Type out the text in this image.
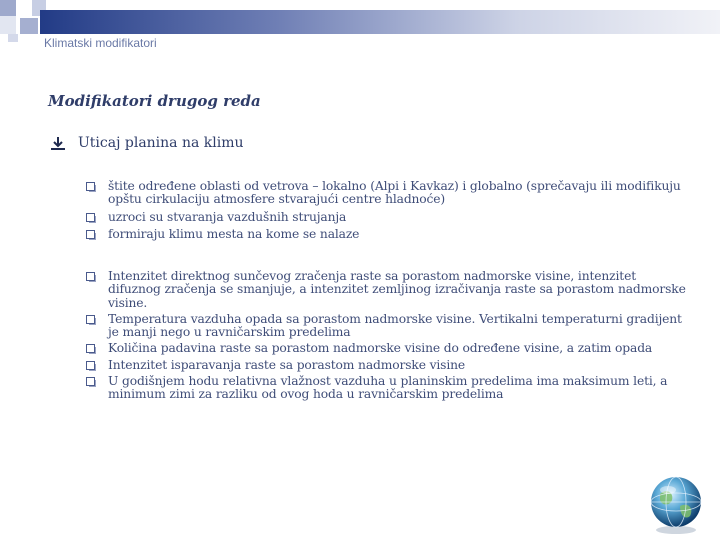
Klimatski modifikatori
Modifikatori drugog reda
Uticaj planina na klimu
štite određene oblasti od vetrova – lokalno (Alpi i Kavkaz) i globalno (sprečavaju ili modifikuju opštu cirkulaciju atmosfere stvarajući centre hladnoće)
uzroci su stvaranja vazdušnih strujanja
formiraju klimu mesta na kome se nalaze
Intenzitet direktnog sunčevog zračenja raste sa porastom nadmorske visine, intenzitet difuznog zračenja se smanjuje, a intenzitet zemljinog izračivanja raste sa porastom nadmorske visine.
Temperatura vazduha opada sa porastom nadmorske visine. Vertikalni temperaturni gradijent je manji nego u ravničarskim predelima
Količina padavina raste sa porastom nadmorske visine do određene visine, a zatim opada
Intenzitet isparavanja raste sa porastom nadmorske visine
U godišnjem hodu relativna vlažnost vazduha u planinskim predelima ima maksimum leti, a minimum zimi za razliku od ovog hoda u ravničarskim predelima
